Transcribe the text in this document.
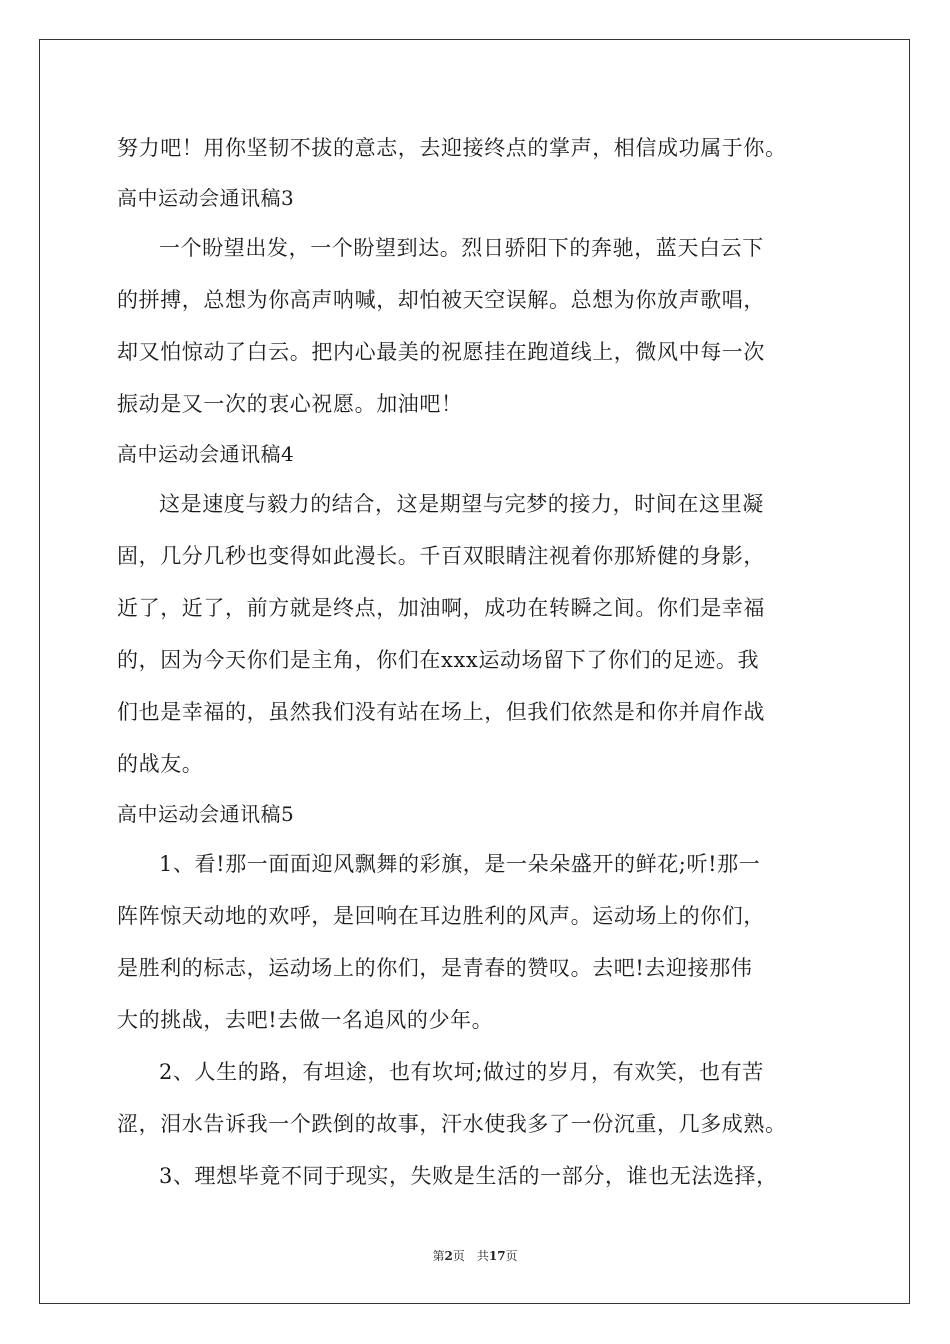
努力吧！用你坚韧不拔的意志，去迎接终点的掌声，相信成功属于你。
高中运动会通讯稿3
一个盼望出发，一个盼望到达。烈日骄阳下的奔驰，蓝天白云下
的拼搏，总想为你高声呐喊，却怕被天空误解。总想为你放声歌唱，
却又怕惊动了白云。把内心最美的祝愿挂在跑道线上，微风中每一次
振动是又一次的衷心祝愿。加油吧！
高中运动会通讯稿4
这是速度与毅力的结合，这是期望与完梦的接力，时间在这里凝
固，几分几秒也变得如此漫长。千百双眼睛注视着你那矫健的身影，
近了，近了，前方就是终点，加油啊，成功在转瞬之间。你们是幸福
的，因为今天你们是主角，你们在xxx运动场留下了你们的足迹。我
们也是幸福的，虽然我们没有站在场上，但我们依然是和你并肩作战
的战友。
高中运动会通讯稿5
1、看!那一面面迎风飘舞的彩旗，是一朵朵盛开的鲜花;听!那一
阵阵惊天动地的欢呼，是回响在耳边胜利的风声。运动场上的你们，
是胜利的标志，运动场上的你们，是青春的赞叹。去吧!去迎接那伟
大的挑战，去吧!去做一名追风的少年。
2、人生的路，有坦途，也有坎坷;做过的岁月，有欢笑，也有苦
涩，泪水告诉我一个跌倒的故事，汗水使我多了一份沉重，几多成熟。
3、理想毕竟不同于现实，失败是生活的一部分，谁也无法选择，
第2页 共17页
